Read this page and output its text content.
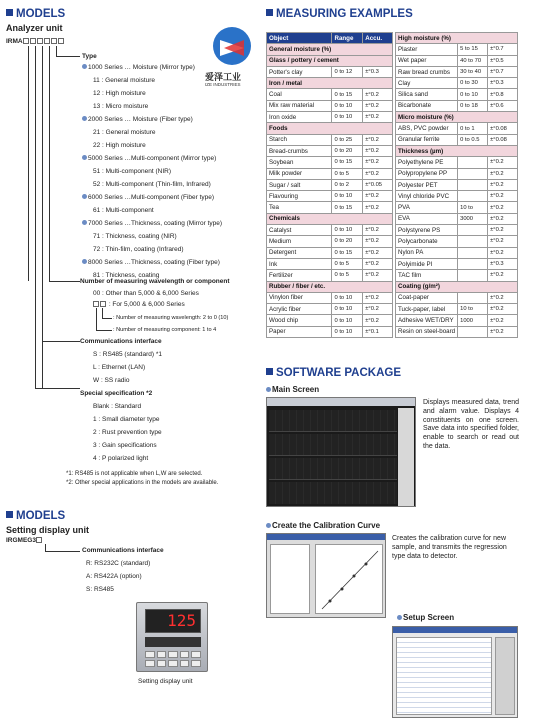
MODELS
Analyzer unit
IRMA
Type
1000 Series … Moisture (Mirror type)
11 : General moisture
12 : High moisture
13 : Micro moisture
2000 Series … Moisture (Fiber type)
21 : General moisture
22 : High moisture
5000 Series …Multi-component (Mirror type)
51 : Multi-component (NIR)
52 : Multi-component (Thin-film, Infrared)
6000 Series …Multi-component (Fiber type)
61 : Multi-component
7000 Series …Thickness, coating (Mirror type)
71 : Thickness, coating (NIR)
72 : Thin-film, coating (Infrared)
8000 Series …Thickness, coating (Fiber type)
81 : Thickness, coating
Number of measuring wavelength or component
00 : Other than 5,000 & 6,000 Series
: For 5,000 & 6,000 Series
: Number of measuring wavelength: 2 to 0 (10)
: Number of measuring component: 1 to 4
Communications interface
S : RS485 (standard) *1
L : Ethernet (LAN)
W : SS radio
Special specification *2
Blank : Standard
1 : Small diameter type
2 : Rust prevention type
3 : Gain specifications
4 : P polarized light
*1: RS485 is not applicable when L,W are selected.
*2: Other special applications in the models are available.
爱泽工业
IZE INDUSTRIES
MODELS
Setting display unit
IRGMEG3
Communications interface
R: RS232C (standard)
A: RS422A (option)
S: RS485
125
Setting display unit
MEASURING EXAMPLES
Object	Range	Accu.
General moisture (%)		
Glass / pottery / cement		
Potter's clay	0 to 12	±°0.3
Iron / metal		
Coal	0 to 15	±°0.2
Mix raw material	0 to 10	±°0.2
Iron oxide	0 to 10	±°0.2
Foods		
Starch	0 to 25	±°0.2
Bread-crumbs	0 to 20	±°0.2
Soybean	0 to 15	±°0.2
Milk powder	0 to 5	±°0.2
Sugar / salt	0 to 2	±°0.05
Flavouring	0 to 10	±°0.2
Tea	0 to 15	±°0.2
Chemicals		
Catalyst	0 to 10	±°0.2
Medium	0 to 20	±°0.2
Detergent	0 to 15	±°0.2
Ink	0 to 5	±°0.2
Fertilizer	0 to 5	±°0.2
Rubber / fiber / etc.		
Vinylon fiber	0 to 10	±°0.2
Acrylic fiber	0 to 10	±°0.2
Wood chip	0 to 10	±°0.2
Paper	0 to 10	±°0.1
High moisture (%)		
Plaster	5 to 15	±°0.7
Wet paper	40 to 70	±°0.5
Raw bread crumbs	30 to 40	±°0.7
Clay	0 to 30	±°0.3
Silica sand	0 to 10	±°0.8
Bicarbonate	0 to 18	±°0.6
Micro moisture (%)		
ABS, PVC powder	0 to 1	±°0.08
Granular ferrite	0 to 0.5	±°0.08
Thickness (µm)		
Polyethylene PE		±°0.2
Polypropylene PP		±°0.2
Polyester PET		±°0.2
Vinyl chloride PVC		±°0.2
PVA	10 to	±°0.2
EVA	3000	±°0.2
Polystyrene PS		±°0.2
Polycarbonate		±°0.2
Nylon PA		±°0.2
Polyimide PI		±°0.3
TAC film		±°0.2
Coating (g/m²)		
Coat-paper		±°0.2
Tuck-paper, label	10 to	±°0.2
Adhesive WET/DRY	1000	±°0.2
Resin on steel-board		±°0.2
SOFTWARE PACKAGE
Main Screen
Displays measured data, trend and alarm value. Displays 4 constituents on one screen. Save data into specified folder, enable to search or read out the data.
Create the Calibration Curve
Creates the calibration curve for new sample, and transmits the regression type data to detector.
Setup Screen
